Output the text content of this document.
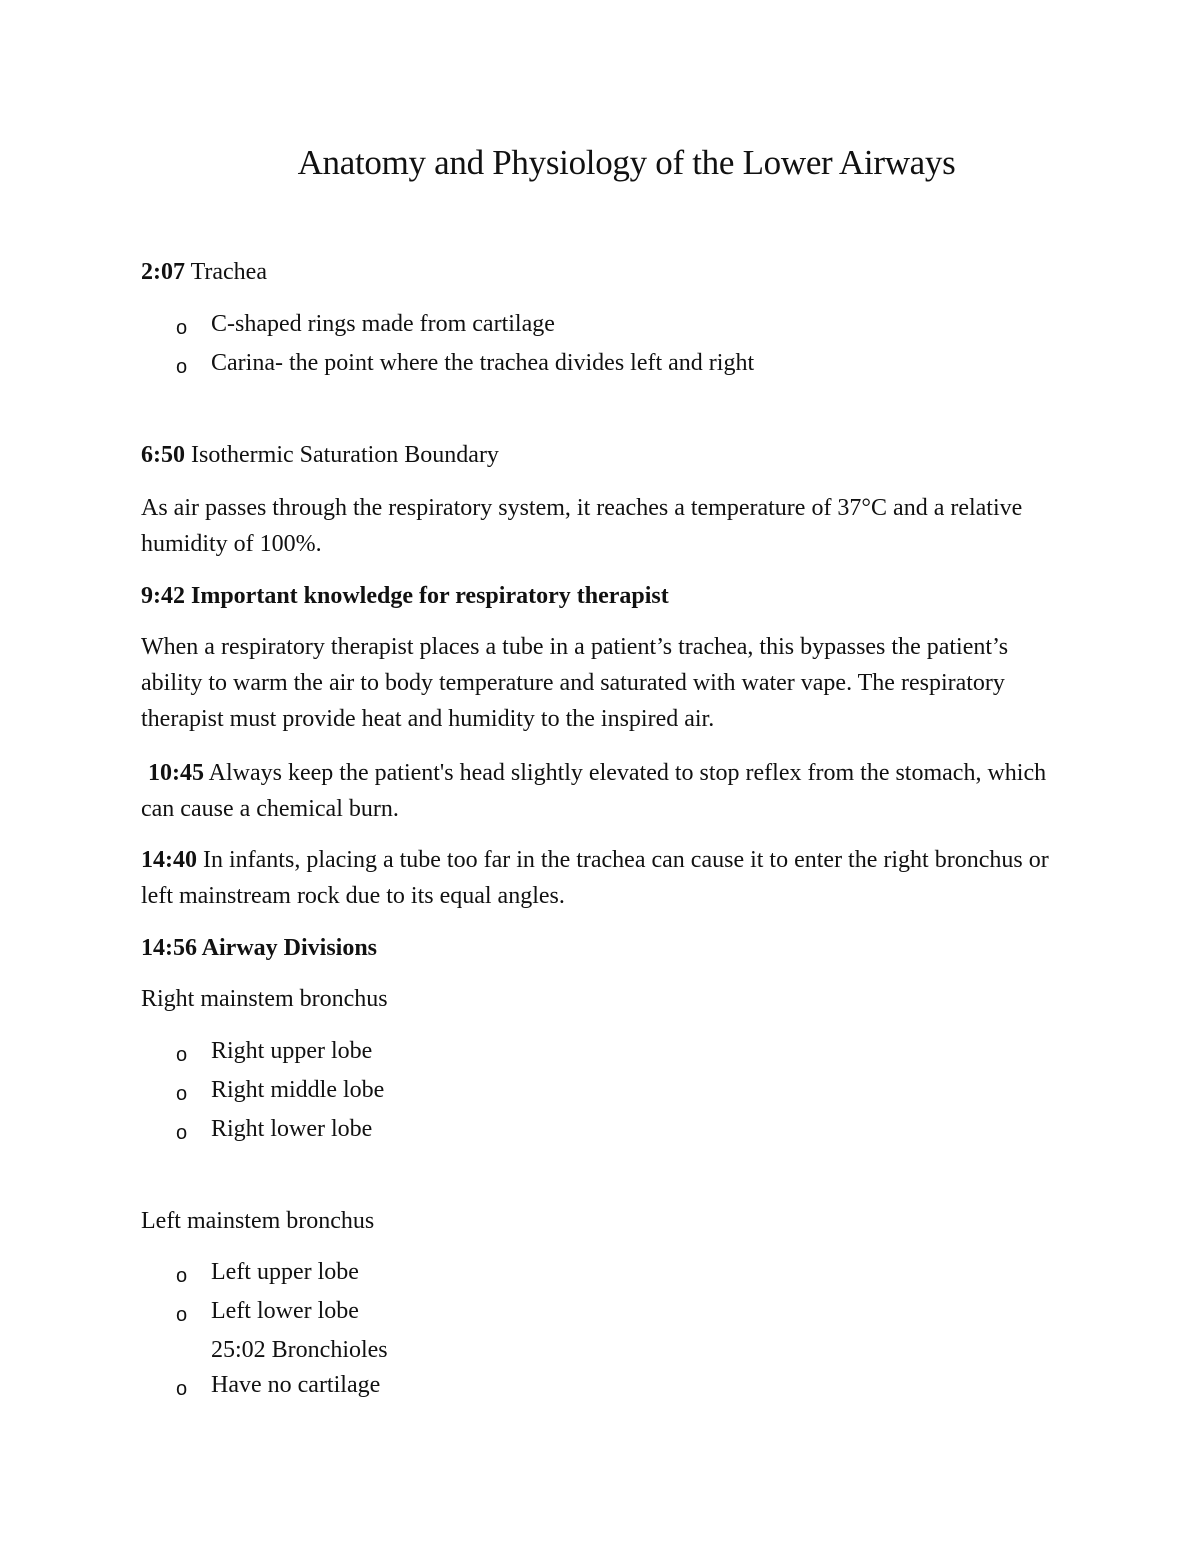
Anatomy and Physiology of the Lower Airways
2:07 Trachea
o C-shaped rings made from cartilage
o Carina- the point where the trachea divides left and right
6:50 Isothermic Saturation Boundary

As air passes through the respiratory system, it reaches a temperature of 37°C and a relative humidity of 100%.

9:42 Important knowledge for respiratory therapist

When a respiratory therapist places a tube in a patient’s trachea, this bypasses the patient’s ability to warm the air to body temperature and saturated with water vape. The respiratory therapist must provide heat and humidity to the inspired air.

10:45 Always keep the patient's head slightly elevated to stop reflex from the stomach, which can cause a chemical burn.

14:40 In infants, placing a tube too far in the trachea can cause it to enter the right bronchus or left mainstream rock due to its equal angles.

14:56 Airway Divisions
Right mainstem bronchus
o Right upper lobe
o Right middle lobe
o Right lower lobe
Left mainstem bronchus
o Left upper lobe
o Left lower lobe
25:02 Bronchioles
o Have no cartilage
